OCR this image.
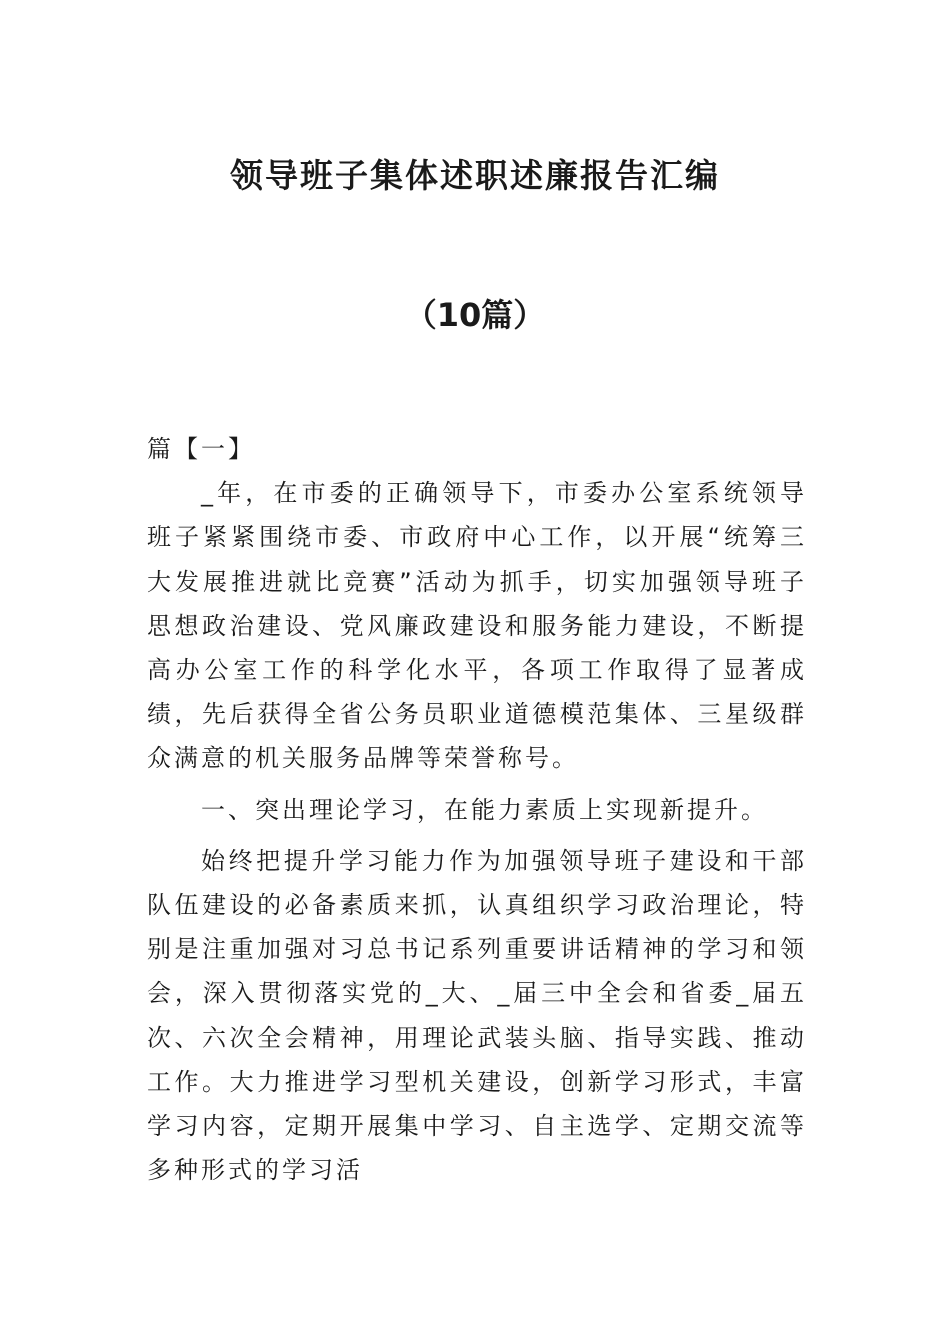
领导班子集体述职述廉报告汇编
（10篇）

篇【一】

_年，在市委的正确领导下，市委办公室系统领导班子紧紧围绕市委、市政府中心工作，以开展“统筹三大发展推进就比竞赛”活动为抓手，切实加强领导班子思想政治建设、党风廉政建设和服务能力建设，不断提高办公室工作的科学化水平，各项工作取得了显著成绩，先后获得全省公务员职业道德模范集体、三星级群众满意的机关服务品牌等荣誉称号。

一、突出理论学习，在能力素质上实现新提升。

始终把提升学习能力作为加强领导班子建设和干部队伍建设的必备素质来抓，认真组织学习政治理论，特别是注重加强对习总书记系列重要讲话精神的学习和领会，深入贯彻落实党的_大、_届三中全会和省委_届五次、六次全会精神，用理论武装头脑、指导实践、推动工作。大力推进学习型机关建设，创新学习形式，丰富学习内容，定期开展集中学习、自主选学、定期交流等多种形式的学习活
